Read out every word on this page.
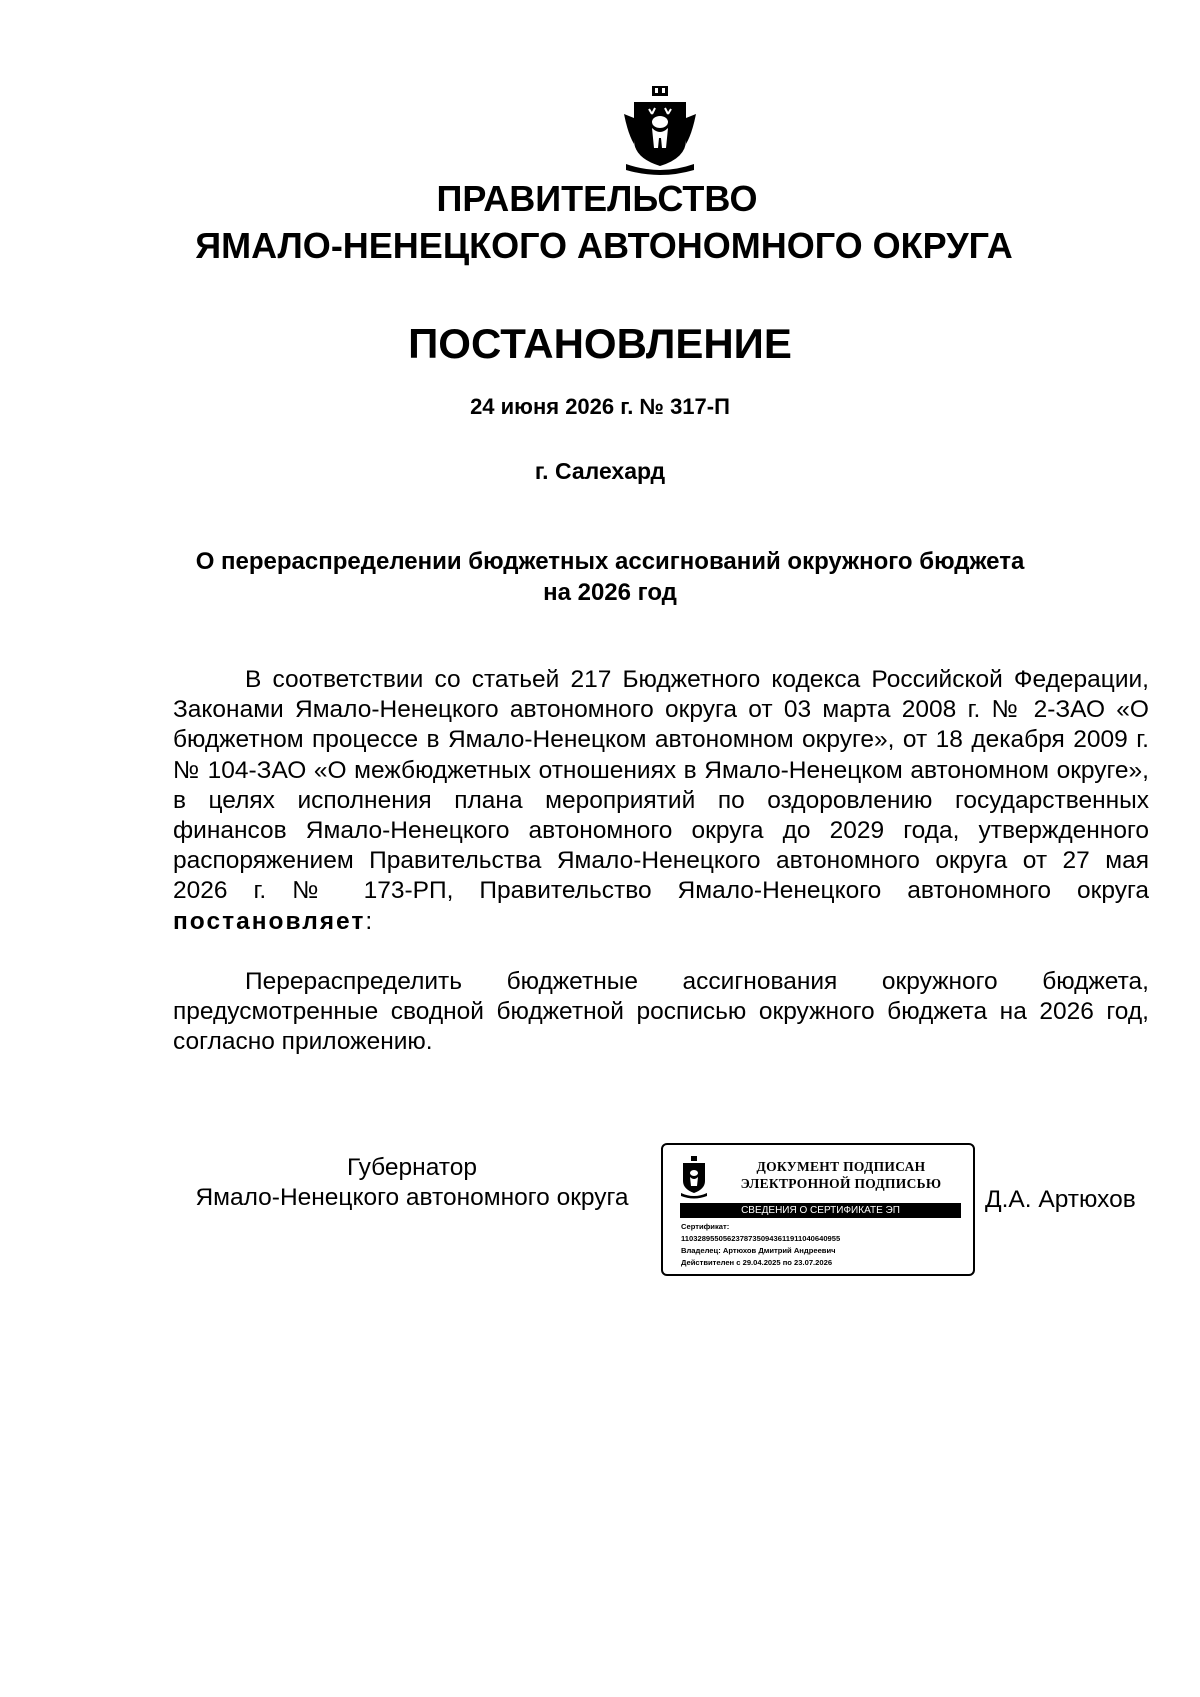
ПРАВИТЕЛЬСТВО
ЯМАЛО-НЕНЕЦКОГО АВТОНОМНОГО ОКРУГА
ПОСТАНОВЛЕНИЕ
24 июня 2026 г. № 317-П
г. Салехард
О перераспределении бюджетных ассигнований окружного бюджета
на 2026 год
В соответствии со статьей 217 Бюджетного кодекса Российской Федерации, Законами Ямало-Ненецкого автономного округа от 03 марта 2008 г. № 2-ЗАО «О бюджетном процессе в Ямало-Ненецком автономном округе», от 18 декабря 2009 г. № 104-ЗАО «О межбюджетных отношениях в Ямало-Ненецком автономном округе», в целях исполнения плана мероприятий по оздоровлению государственных финансов Ямало-Ненецкого автономного округа до 2029 года, утвержденного распоряжением Правительства Ямало-Ненецкого автономного округа от 27 мая 2026 г. № 173-РП, Правительство Ямало-Ненецкого автономного округа постановляет:
Перераспределить бюджетные ассигнования окружного бюджета, предусмотренные сводной бюджетной росписью окружного бюджета на 2026 год, согласно приложению.
Губернатор
Ямало-Ненецкого автономного округа
ДОКУМЕНТ ПОДПИСАН
ЭЛЕКТРОННОЙ ПОДПИСЬЮ
СВЕДЕНИЯ О СЕРТИФИКАТЕ ЭП
Сертификат:
11032895505623787350943611911040640955
Владелец: Артюхов Дмитрий Андреевич
Действителен с 29.04.2025 по 23.07.2026
Д.А. Артюхов
